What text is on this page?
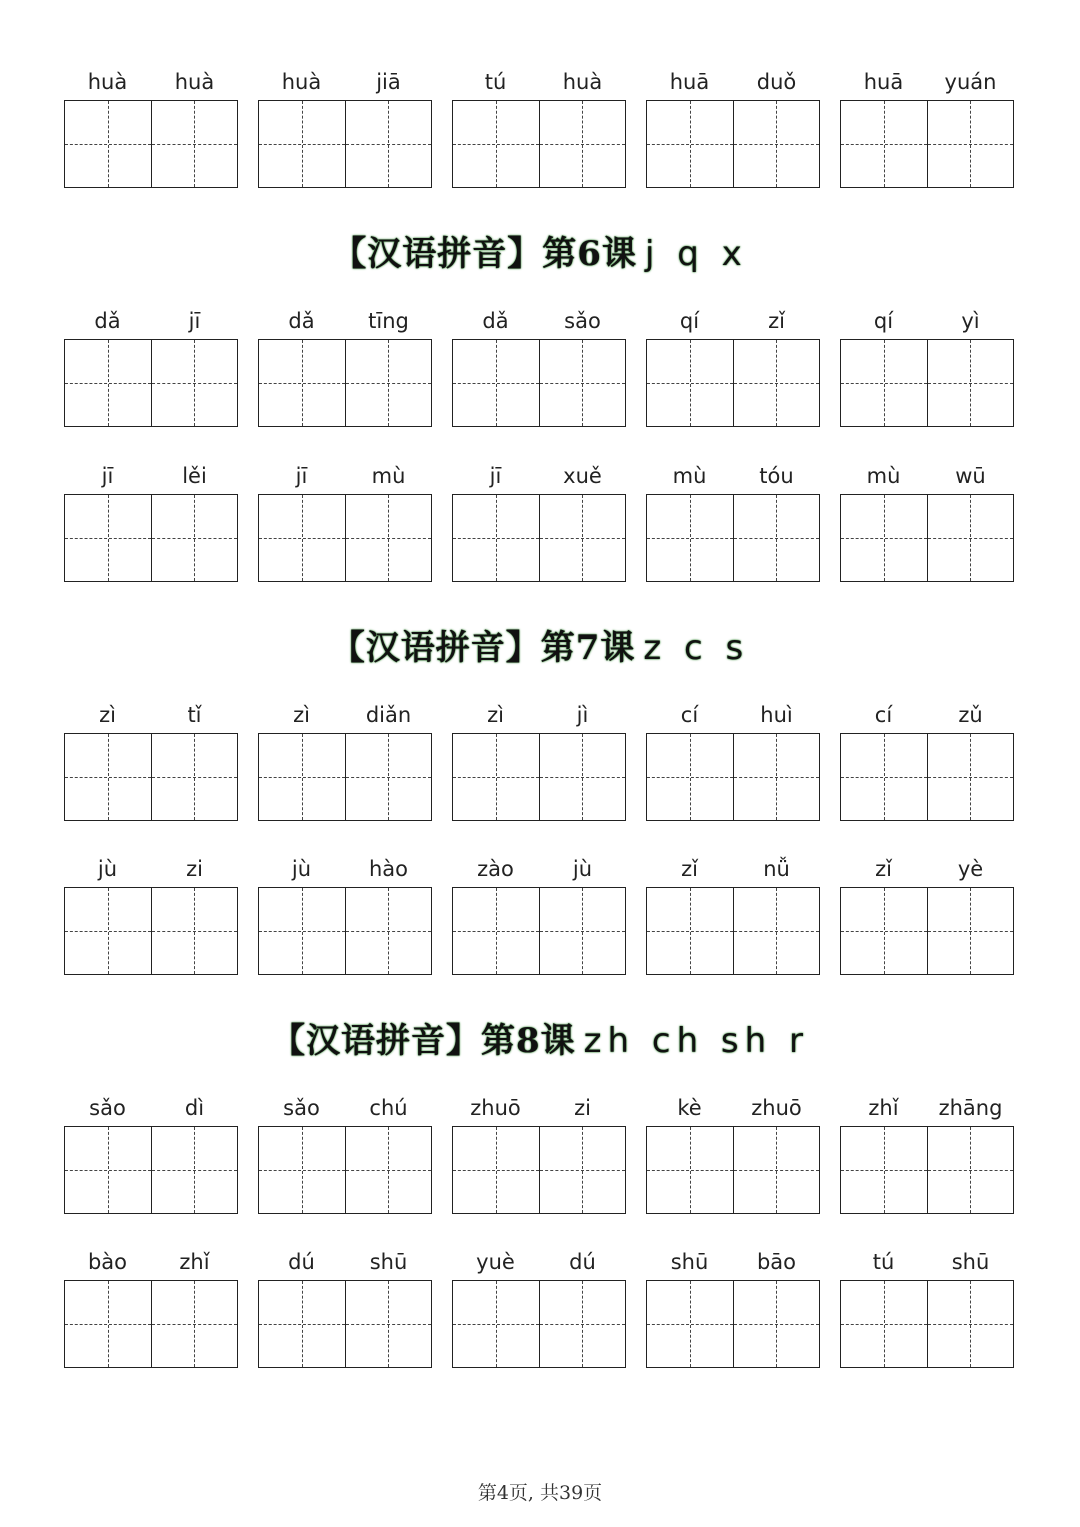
huà	huà	huà	jiā	tú	huà	huā	duǒ	huā	yuán
【汉语拼音】第6课 j q x
dǎ	jī	dǎ	tīng	dǎ	sǎo	qí	zǐ	qí	yì
jī	lěi	jī	mù	jī	xuě	mù	tóu	mù	wū
【汉语拼音】第7课 z c s
zì	tǐ	zì	diǎn	zì	jì	cí	huì	cí	zǔ
jù	zi	jù	hào	zào	jù	zǐ	nǚ	zǐ	yè
【汉语拼音】第8课 zh ch sh r
sǎo	dì	sǎo	chú	zhuō	zi	kè	zhuō	zhǐ	zhāng
bào	zhǐ	dú	shū	yuè	dú	shū	bāo	tú	shū
第4页, 共39页
